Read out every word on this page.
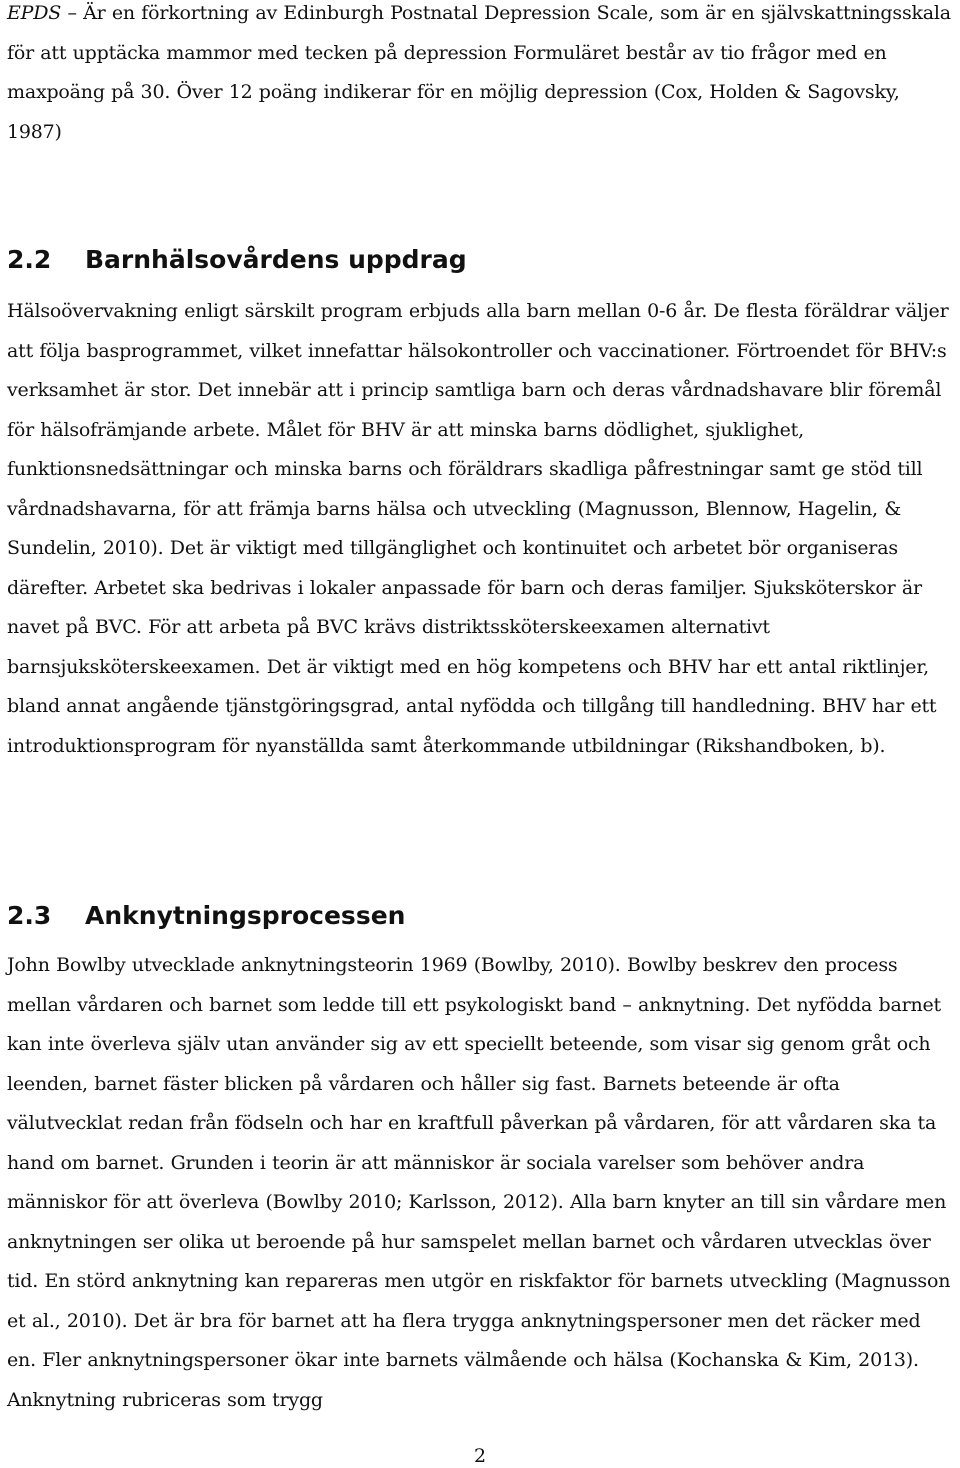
EPDS – Är en förkortning av Edinburgh Postnatal Depression Scale, som är en självskattningsskala för att upptäcka mammor med tecken på depression Formuläret består av tio frågor med en maxpoäng på 30. Över 12 poäng indikerar för en möjlig depression (Cox, Holden & Sagovsky, 1987)

2.2 Barnhälsovårdens uppdrag

Hälsoövervakning enligt särskilt program erbjuds alla barn mellan 0-6 år. De flesta föräldrar väljer att följa basprogrammet, vilket innefattar hälsokontroller och vaccinationer. Förtroendet för BHV:s verksamhet är stor. Det innebär att i princip samtliga barn och deras vårdnadshavare blir föremål för hälsofrämjande arbete. Målet för BHV är att minska barns dödlighet, sjuklighet, funktionsnedsättningar och minska barns och föräldrars skadliga påfrestningar samt ge stöd till vårdnadshavarna, för att främja barns hälsa och utveckling (Magnusson, Blennow, Hagelin, & Sundelin, 2010). Det är viktigt med tillgänglighet och kontinuitet och arbetet bör organiseras därefter. Arbetet ska bedrivas i lokaler anpassade för barn och deras familjer. Sjuksköterskor är navet på BVC. För att arbeta på BVC krävs distriktssköterskeexamen alternativt barnsjuksköterskeexamen. Det är viktigt med en hög kompetens och BHV har ett antal riktlinjer, bland annat angående tjänstgöringsgrad, antal nyfödda och tillgång till handledning. BHV har ett introduktionsprogram för nyanställda samt återkommande utbildningar (Rikshandboken, b).

2.3 Anknytningsprocessen

John Bowlby utvecklade anknytningsteorin 1969 (Bowlby, 2010). Bowlby beskrev den process mellan vårdaren och barnet som ledde till ett psykologiskt band – anknytning. Det nyfödda barnet kan inte överleva själv utan använder sig av ett speciellt beteende, som visar sig genom gråt och leenden, barnet fäster blicken på vårdaren och håller sig fast. Barnets beteende är ofta välutvecklat redan från födseln och har en kraftfull påverkan på vårdaren, för att vårdaren ska ta hand om barnet. Grunden i teorin är att människor är sociala varelser som behöver andra människor för att överleva (Bowlby 2010; Karlsson, 2012). Alla barn knyter an till sin vårdare men anknytningen ser olika ut beroende på hur samspelet mellan barnet och vårdaren utvecklas över tid. En störd anknytning kan repareras men utgör en riskfaktor för barnets utveckling (Magnusson et al., 2010). Det är bra för barnet att ha flera trygga anknytningspersoner men det räcker med en. Fler anknytningspersoner ökar inte barnets välmående och hälsa (Kochanska & Kim, 2013). Anknytning rubriceras som trygg

2
